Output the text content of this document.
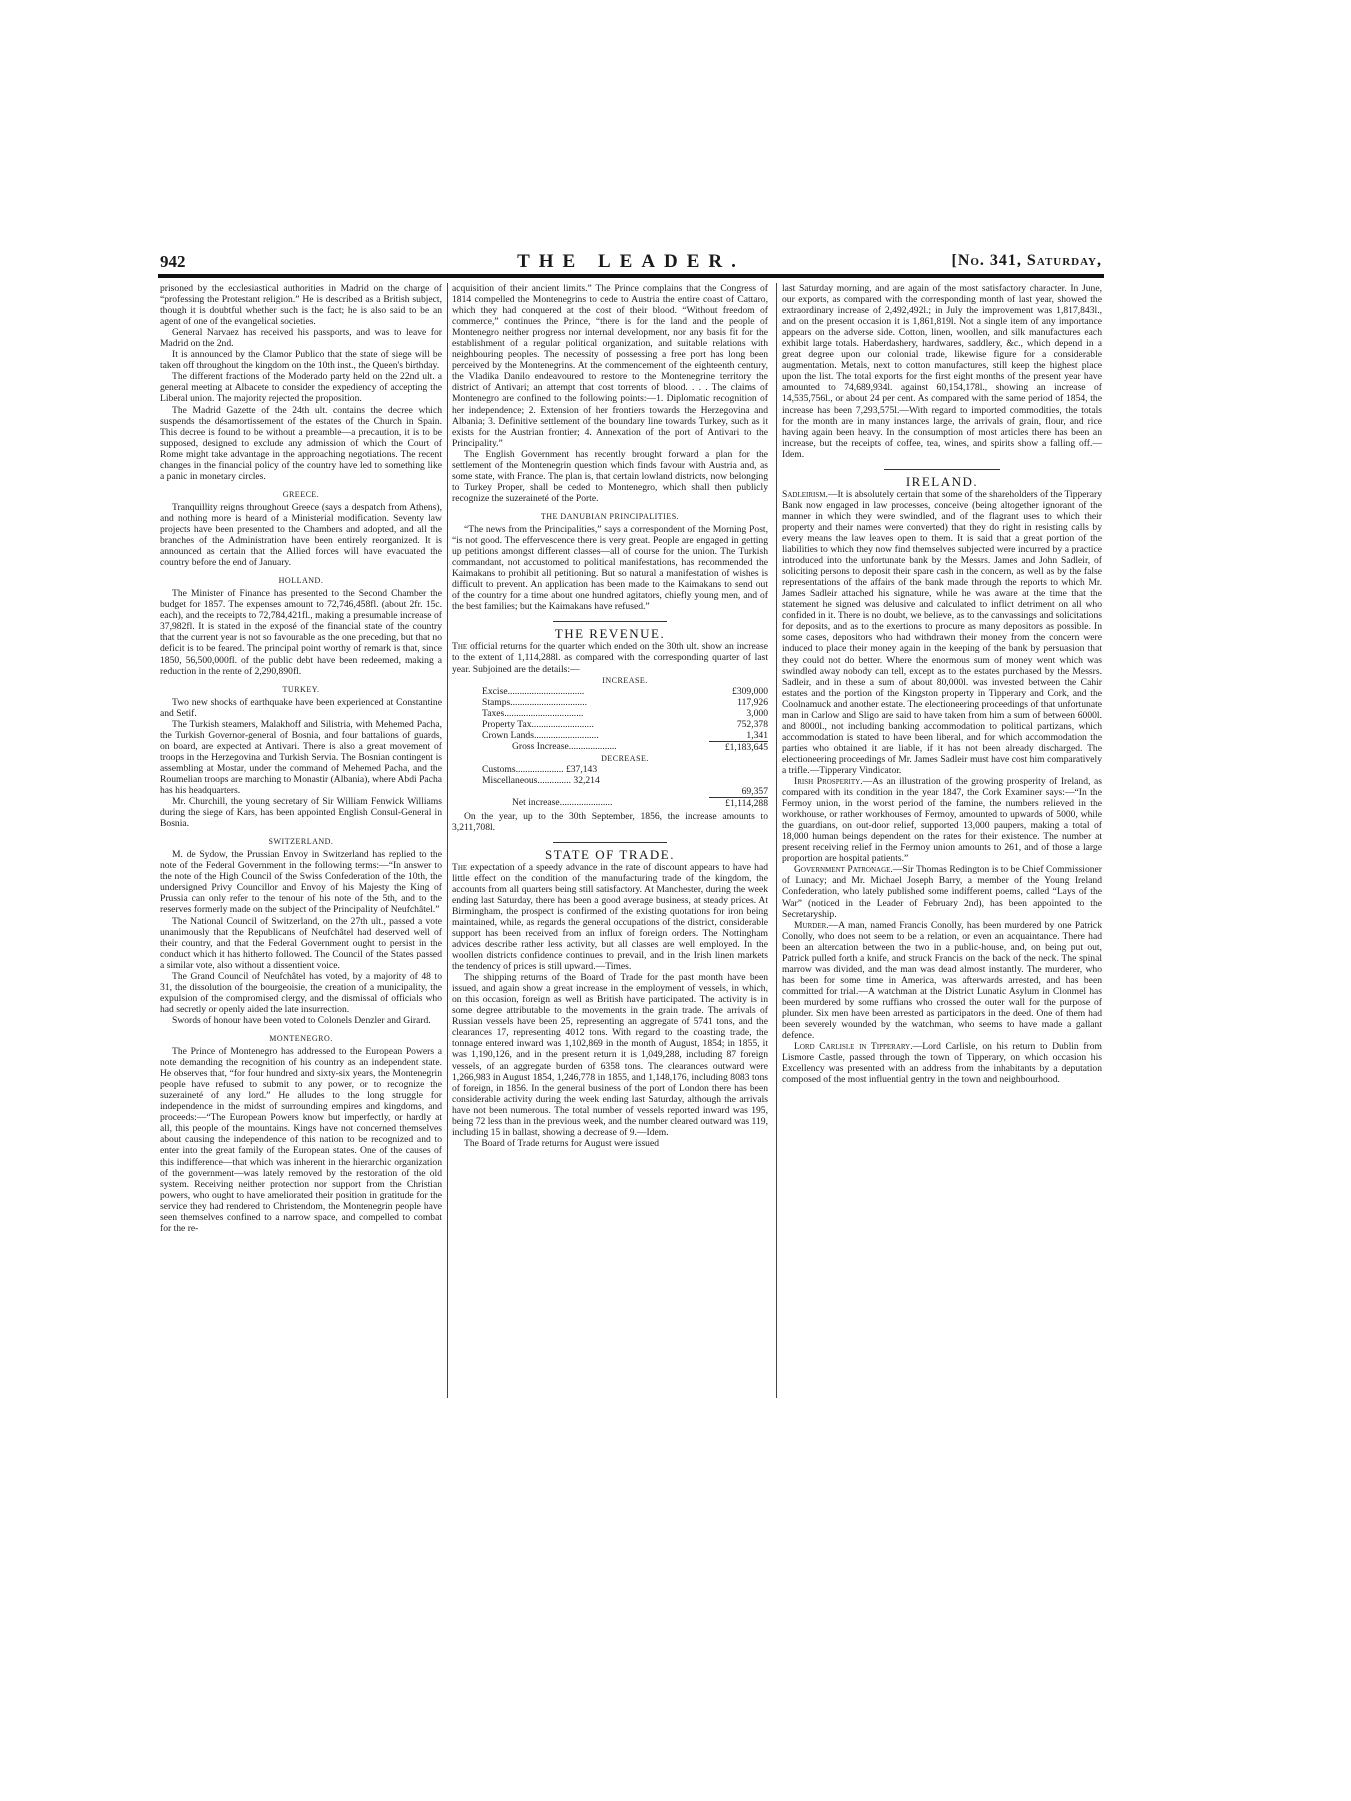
942	THE LEADER.	[No. 341, Saturday,

prisoned by the ecclesiastical authorities in Madrid on the charge of “professing the Protestant religion.” He is described as a British subject, though it is doubtful whether such is the fact; he is also said to be an agent of one of the evangelical societies.

General Narvaez has received his passports, and was to leave for Madrid on the 2nd.

It is announced by the Clamor Publico that the state of siege will be taken off throughout the kingdom on the 10th inst., the Queen's birthday.

The different fractions of the Moderado party held on the 22nd ult. a general meeting at Albacete to consider the expediency of accepting the Liberal union. The majority rejected the proposition.

The Madrid Gazette of the 24th ult. contains the decree which suspends the désamortissement of the estates of the Church in Spain. This decree is found to be without a preamble—a precaution, it is to be supposed, designed to exclude any admission of which the Court of Rome might take advantage in the approaching negotiations. The recent changes in the financial policy of the country have led to something like a panic in monetary circles.

GREECE.

Tranquillity reigns throughout Greece (says a despatch from Athens), and nothing more is heard of a Ministerial modification. Seventy law projects have been presented to the Chambers and adopted, and all the branches of the Administration have been entirely reorganized. It is announced as certain that the Allied forces will have evacuated the country before the end of January.

HOLLAND.

The Minister of Finance has presented to the Second Chamber the budget for 1857. The expenses amount to 72,746,458fl. (about 2fr. 15c. each), and the receipts to 72,784,421fl., making a presumable increase of 37,982fl. It is stated in the exposé of the financial state of the country that the current year is not so favourable as the one preceding, but that no deficit is to be feared. The principal point worthy of remark is that, since 1850, 56,500,000fl. of the public debt have been redeemed, making a reduction in the rente of 2,290,890fl.

TURKEY.

Two new shocks of earthquake have been experienced at Constantine and Setif.

The Turkish steamers, Malakhoff and Silistria, with Mehemed Pacha, the Turkish Governor-general of Bosnia, and four battalions of guards, on board, are expected at Antivari. There is also a great movement of troops in the Herzegovina and Turkish Servia. The Bosnian contingent is assembling at Mostar, under the command of Mehemed Pacha, and the Roumelian troops are marching to Monastir (Albania), where Abdi Pacha has his headquarters.

Mr. Churchill, the young secretary of Sir William Fenwick Williams during the siege of Kars, has been appointed English Consul-General in Bosnia.

SWITZERLAND.

M. de Sydow, the Prussian Envoy in Switzerland has replied to the note of the Federal Government in the following terms:—“In answer to the note of the High Council of the Swiss Confederation of the 10th, the undersigned Privy Councillor and Envoy of his Majesty the King of Prussia can only refer to the tenour of his note of the 5th, and to the reserves formerly made on the subject of the Principality of Neufchâtel.”

The National Council of Switzerland, on the 27th ult., passed a vote unanimously that the Republicans of Neufchâtel had deserved well of their country, and that the Federal Government ought to persist in the conduct which it has hitherto followed. The Council of the States passed a similar vote, also without a dissentient voice.

The Grand Council of Neufchâtel has voted, by a majority of 48 to 31, the dissolution of the bourgeoisie, the creation of a municipality, the expulsion of the compromised clergy, and the dismissal of officials who had secretly or openly aided the late insurrection.

Swords of honour have been voted to Colonels Denzler and Girard.

MONTENEGRO.

The Prince of Montenegro has addressed to the European Powers a note demanding the recognition of his country as an independent state. He observes that, “for four hundred and sixty-six years, the Montenegrin people have refused to submit to any power, or to recognize the suzeraineté of any lord.” He alludes to the long struggle for independence in the midst of surrounding empires and kingdoms, and proceeds:—“The European Powers know but imperfectly, or hardly at all, this people of the mountains. Kings have not concerned themselves about causing the independence of this nation to be recognized and to enter into the great family of the European states. One of the causes of this indifference—that which was inherent in the hierarchic organization of the government—was lately removed by the restoration of the old system. Receiving neither protection nor support from the Christian powers, who ought to have ameliorated their position in gratitude for the service they had rendered to Christendom, the Montenegrin people have seen themselves confined to a narrow space, and compelled to combat for the re-

acquisition of their ancient limits.” The Prince complains that the Congress of 1814 compelled the Montenegrins to cede to Austria the entire coast of Cattaro, which they had conquered at the cost of their blood. “Without freedom of commerce,” continues the Prince, “there is for the land and the people of Montenegro neither progress nor internal development, nor any basis fit for the establishment of a regular political organization, and suitable relations with neighbouring peoples. The necessity of possessing a free port has long been perceived by the Montenegrins. At the commencement of the eighteenth century, the Vladika Danilo endeavoured to restore to the Montenegrine territory the district of Antivari; an attempt that cost torrents of blood. . . . The claims of Montenegro are confined to the following points:—1. Diplomatic recognition of her independence; 2. Extension of her frontiers towards the Herzegovina and Albania; 3. Definitive settlement of the boundary line towards Turkey, such as it exists for the Austrian frontier; 4. Annexation of the port of Antivari to the Principality.”

The English Government has recently brought forward a plan for the settlement of the Montenegrin question which finds favour with Austria and, as some state, with France. The plan is, that certain lowland districts, now belonging to Turkey Proper, shall be ceded to Montenegro, which shall then publicly recognize the suzeraineté of the Porte.

THE DANUBIAN PRINCIPALITIES.

“The news from the Principalities,” says a correspondent of the Morning Post, “is not good. The effervescence there is very great. People are engaged in getting up petitions amongst different classes—all of course for the union. The Turkish commandant, not accustomed to political manifestations, has recommended the Kaimakans to prohibit all petitioning. But so natural a manifestation of wishes is difficult to prevent. An application has been made to the Kaimakans to send out of the country for a time about one hundred agitators, chiefly young men, and of the best families; but the Kaimakans have refused.”

THE REVENUE.

The official returns for the quarter which ended on the 30th ult. show an increase to the extent of 1,114,288l. as compared with the corresponding quarter of last year. Subjoined are the details:—

INCREASE.	
Excise................................	£309,000
Stamps................................	117,926
Taxes.................................	3,000
Property Tax..........................	752,378
Crown Lands...........................	1,341
Gross Increase....................	£1,183,645
DECREASE.	
Customs.................... £37,143	
Miscellaneous.............. 32,214	
	69,357
Net increase......................	£1,114,288

On the year, up to the 30th September, 1856, the increase amounts to 3,211,708l.

STATE OF TRADE.

The expectation of a speedy advance in the rate of discount appears to have had little effect on the condition of the manufacturing trade of the kingdom, the accounts from all quarters being still satisfactory. At Manchester, during the week ending last Saturday, there has been a good average business, at steady prices. At Birmingham, the prospect is confirmed of the existing quotations for iron being maintained, while, as regards the general occupations of the district, considerable support has been received from an influx of foreign orders. The Nottingham advices describe rather less activity, but all classes are well employed. In the woollen districts confidence continues to prevail, and in the Irish linen markets the tendency of prices is still upward.—Times.

The shipping returns of the Board of Trade for the past month have been issued, and again show a great increase in the employment of vessels, in which, on this occasion, foreign as well as British have participated. The activity is in some degree attributable to the movements in the grain trade. The arrivals of Russian vessels have been 25, representing an aggregate of 5741 tons, and the clearances 17, representing 4012 tons. With regard to the coasting trade, the tonnage entered inward was 1,102,869 in the month of August, 1854; in 1855, it was 1,190,126, and in the present return it is 1,049,288, including 87 foreign vessels, of an aggregate burden of 6358 tons. The clearances outward were 1,266,983 in August 1854, 1,246,778 in 1855, and 1,148,176, including 8083 tons of foreign, in 1856. In the general business of the port of London there has been considerable activity during the week ending last Saturday, although the arrivals have not been numerous. The total number of vessels reported inward was 195, being 72 less than in the previous week, and the number cleared outward was 119, including 15 in ballast, showing a decrease of 9.—Idem.

The Board of Trade returns for August were issued

last Saturday morning, and are again of the most satisfactory character. In June, our exports, as compared with the corresponding month of last year, showed the extraordinary increase of 2,492,492l.; in July the improvement was 1,817,843l., and on the present occasion it is 1,861,819l. Not a single item of any importance appears on the adverse side. Cotton, linen, woollen, and silk manufactures each exhibit large totals. Haberdashery, hardwares, saddlery, &c., which depend in a great degree upon our colonial trade, likewise figure for a considerable augmentation. Metals, next to cotton manufactures, still keep the highest place upon the list. The total exports for the first eight months of the present year have amounted to 74,689,934l. against 60,154,178l., showing an increase of 14,535,756l., or about 24 per cent. As compared with the same period of 1854, the increase has been 7,293,575l.—With regard to imported commodities, the totals for the month are in many instances large, the arrivals of grain, flour, and rice having again been heavy. In the consumption of most articles there has been an increase, but the receipts of coffee, tea, wines, and spirits show a falling off.—Idem.

IRELAND.

Sadleirism.—It is absolutely certain that some of the shareholders of the Tipperary Bank now engaged in law processes, conceive (being altogether ignorant of the manner in which they were swindled, and of the flagrant uses to which their property and their names were converted) that they do right in resisting calls by every means the law leaves open to them. It is said that a great portion of the liabilities to which they now find themselves subjected were incurred by a practice introduced into the unfortunate bank by the Messrs. James and John Sadleir, of soliciting persons to deposit their spare cash in the concern, as well as by the false representations of the affairs of the bank made through the reports to which Mr. James Sadleir attached his signature, while he was aware at the time that the statement he signed was delusive and calculated to inflict detriment on all who confided in it. There is no doubt, we believe, as to the canvassings and solicitations for deposits, and as to the exertions to procure as many depositors as possible. In some cases, depositors who had withdrawn their money from the concern were induced to place their money again in the keeping of the bank by persuasion that they could not do better. Where the enormous sum of money went which was swindled away nobody can tell, except as to the estates purchased by the Messrs. Sadleir, and in these a sum of about 80,000l. was invested between the Cahir estates and the portion of the Kingston property in Tipperary and Cork, and the Coolnamuck and another estate. The electioneering proceedings of that unfortunate man in Carlow and Sligo are said to have taken from him a sum of between 6000l. and 8000l., not including banking accommodation to political partizans, which accommodation is stated to have been liberal, and for which accommodation the parties who obtained it are liable, if it has not been already discharged. The electioneering proceedings of Mr. James Sadleir must have cost him comparatively a trifle.—Tipperary Vindicator.

Irish Prosperity.—As an illustration of the growing prosperity of Ireland, as compared with its condition in the year 1847, the Cork Examiner says:—“In the Fermoy union, in the worst period of the famine, the numbers relieved in the workhouse, or rather workhouses of Fermoy, amounted to upwards of 5000, while the guardians, on out-door relief, supported 13,000 paupers, making a total of 18,000 human beings dependent on the rates for their existence. The number at present receiving relief in the Fermoy union amounts to 261, and of those a large proportion are hospital patients.”

Government Patronage.—Sir Thomas Redington is to be Chief Commissioner of Lunacy; and Mr. Michael Joseph Barry, a member of the Young Ireland Confederation, who lately published some indifferent poems, called “Lays of the War” (noticed in the Leader of February 2nd), has been appointed to the Secretaryship.

Murder.—A man, named Francis Conolly, has been murdered by one Patrick Conolly, who does not seem to be a relation, or even an acquaintance. There had been an altercation between the two in a public-house, and, on being put out, Patrick pulled forth a knife, and struck Francis on the back of the neck. The spinal marrow was divided, and the man was dead almost instantly. The murderer, who has been for some time in America, was afterwards arrested, and has been committed for trial.—A watchman at the District Lunatic Asylum in Clonmel has been murdered by some ruffians who crossed the outer wall for the purpose of plunder. Six men have been arrested as participators in the deed. One of them had been severely wounded by the watchman, who seems to have made a gallant defence.

Lord Carlisle in Tipperary.—Lord Carlisle, on his return to Dublin from Lismore Castle, passed through the town of Tipperary, on which occasion his Excellency was presented with an address from the inhabitants by a deputation composed of the most influential gentry in the town and neighbourhood.
